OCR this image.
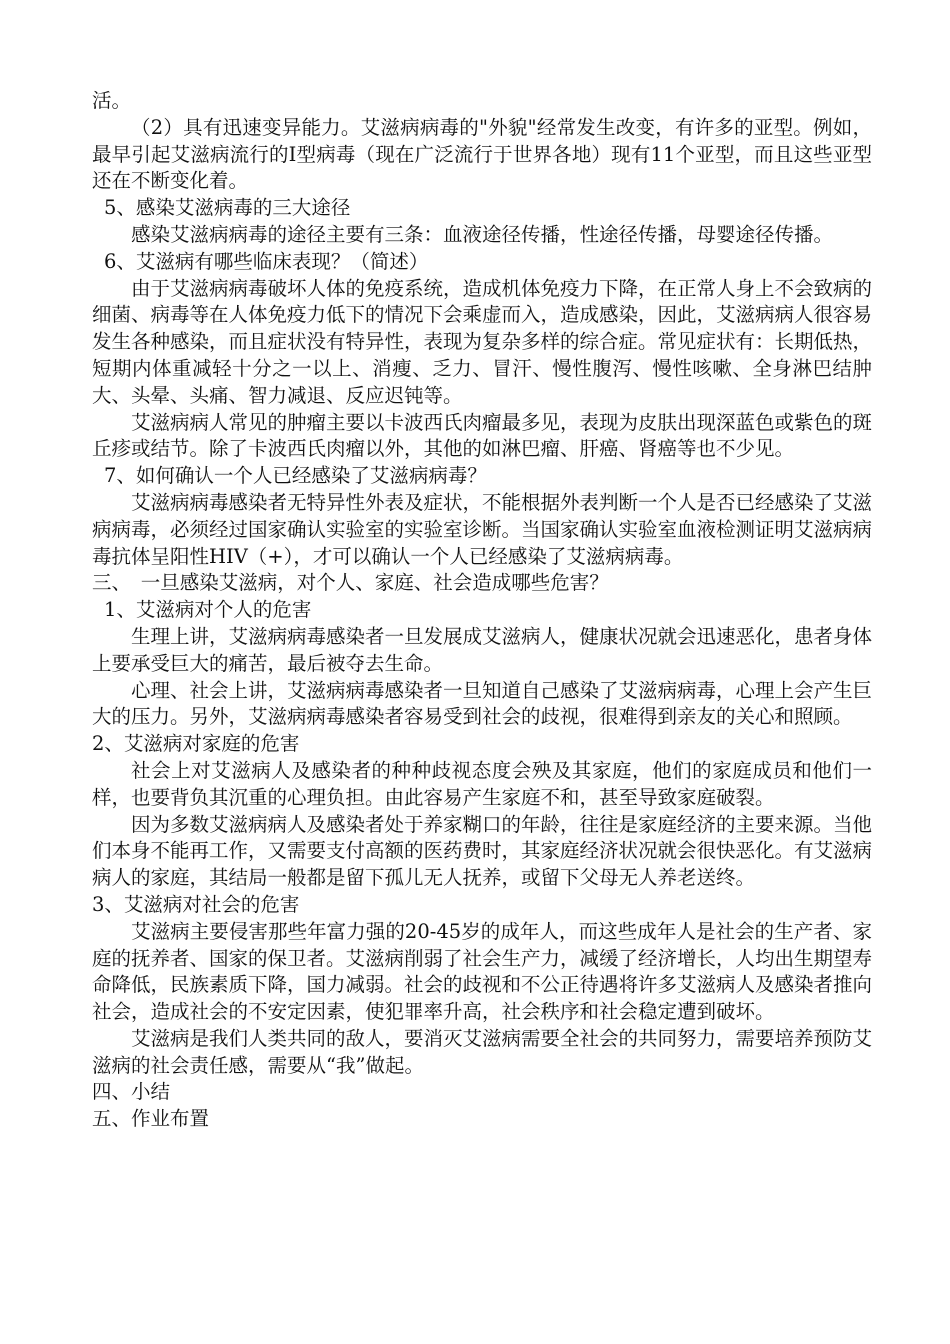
活。

（2）具有迅速变异能力。艾滋病病毒的"外貌"经常发生改变，有许多的亚型。例如，最早引起艾滋病流行的Ⅰ型病毒（现在广泛流行于世界各地）现有11个亚型，而且这些亚型还在不断变化着。

5、感染艾滋病毒的三大途径

感染艾滋病病毒的途径主要有三条：血液途径传播，性途径传播，母婴途径传播。

6、艾滋病有哪些临床表现？（简述）

由于艾滋病病毒破坏人体的免疫系统，造成机体免疫力下降，在正常人身上不会致病的细菌、病毒等在人体免疫力低下的情况下会乘虚而入，造成感染，因此，艾滋病病人很容易发生各种感染，而且症状没有特异性，表现为复杂多样的综合症。常见症状有：长期低热，短期内体重减轻十分之一以上、消瘦、乏力、冒汗、慢性腹泻、慢性咳嗽、全身淋巴结肿大、头晕、头痛、智力减退、反应迟钝等。

艾滋病病人常见的肿瘤主要以卡波西氏肉瘤最多见，表现为皮肤出现深蓝色或紫色的斑丘疹或结节。除了卡波西氏肉瘤以外，其他的如淋巴瘤、肝癌、肾癌等也不少见。

7、如何确认一个人已经感染了艾滋病病毒？

艾滋病病毒感染者无特异性外表及症状，不能根据外表判断一个人是否已经感染了艾滋病病毒，必须经过国家确认实验室的实验室诊断。当国家确认实验室血液检测证明艾滋病病毒抗体呈阳性HIV（+），才可以确认一个人已经感染了艾滋病病毒。

三、　一旦感染艾滋病，对个人、家庭、社会造成哪些危害？

1、艾滋病对个人的危害

生理上讲，艾滋病病毒感染者一旦发展成艾滋病人，健康状况就会迅速恶化，患者身体上要承受巨大的痛苦，最后被夺去生命。

心理、社会上讲，艾滋病病毒感染者一旦知道自己感染了艾滋病病毒，心理上会产生巨大的压力。另外，艾滋病病毒感染者容易受到社会的歧视，很难得到亲友的关心和照顾。

2、艾滋病对家庭的危害

社会上对艾滋病人及感染者的种种歧视态度会殃及其家庭，他们的家庭成员和他们一样，也要背负其沉重的心理负担。由此容易产生家庭不和，甚至导致家庭破裂。

因为多数艾滋病病人及感染者处于养家糊口的年龄，往往是家庭经济的主要来源。当他们本身不能再工作，又需要支付高额的医药费时，其家庭经济状况就会很快恶化。有艾滋病病人的家庭，其结局一般都是留下孤儿无人抚养，或留下父母无人养老送终。

3、艾滋病对社会的危害

艾滋病主要侵害那些年富力强的20-45岁的成年人，而这些成年人是社会的生产者、家庭的抚养者、国家的保卫者。艾滋病削弱了社会生产力，减缓了经济增长，人均出生期望寿命降低，民族素质下降，国力减弱。社会的歧视和不公正待遇将许多艾滋病人及感染者推向社会，造成社会的不安定因素，使犯罪率升高，社会秩序和社会稳定遭到破坏。

艾滋病是我们人类共同的敌人，要消灭艾滋病需要全社会的共同努力，需要培养预防艾滋病的社会责任感，需要从“我”做起。

四、小结

五、作业布置
